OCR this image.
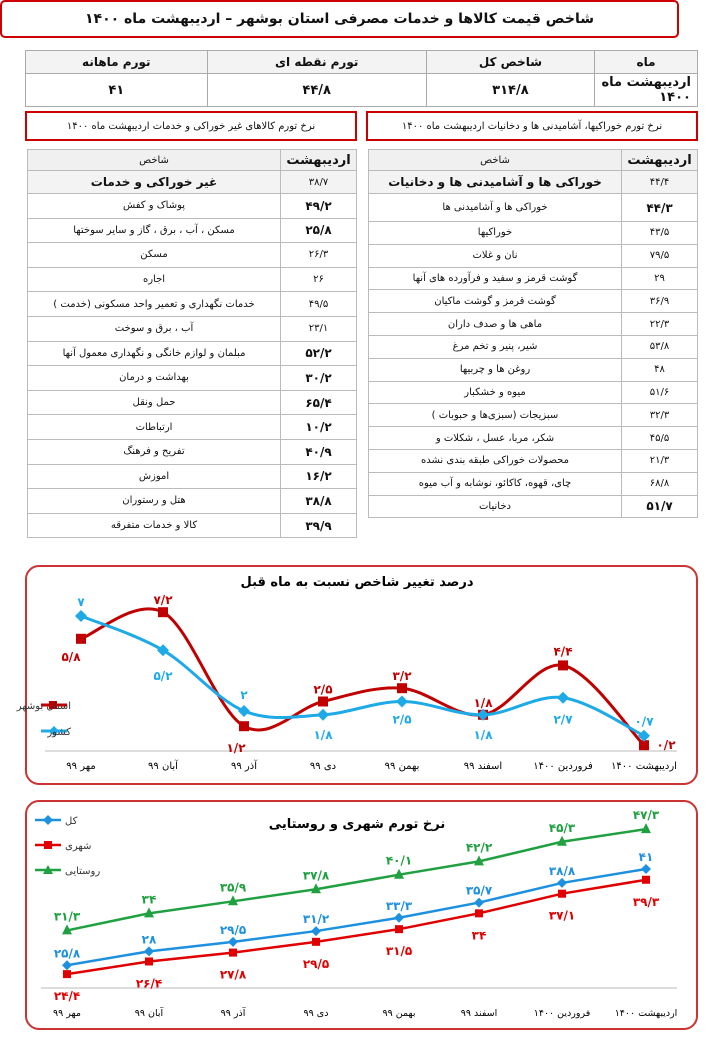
شاخص قیمت کالاها و خدمات مصرفی استان بوشهر – اردیبهشت ماه ۱۴۰۰
ماه	شاخص کل	تورم نقطه ای	تورم ماهانه
اردیبهشت ماه ۱۴۰۰	۳۱۴/۸	۴۴/۸	۴۱
نرخ تورم خوراکیها، آشامیدنی ها و دخانیات اردیبهشت ماه ۱۴۰۰
نرخ تورم کالاهای غیر خوراکی و خدمات اردیبهشت ماه ۱۴۰۰
اردیبهشت	شاخص
۴۴/۴	خوراکی ها و آشامیدنی ها و دخانیات
۴۴/۳	خوراکی ها و آشامیدنی ها
۴۳/۵	خوراکیها
۷۹/۵	نان و غلات
۲۹	گوشت قرمز و سفید و فرآورده های آنها
۳۶/۹	گوشت قرمز و گوشت ماکیان
۲۲/۳	ماهی ها و صدف داران
۵۳/۸	شیر، پنیر و تخم مرغ
۴۸	روغن ها و چربیها
۵۱/۶	میوه و خشکبار
۳۲/۳	سبزیجات (سبزی‌ها و حبوبات )
۴۵/۵	شکر، مربا، عسل ، شکلات و
۲۱/۳	محصولات خوراکی طبقه بندی نشده
۶۸/۸	چای، قهوه، کاکائو، نوشابه و آب میوه
۵۱/۷	دخانیات
اردیبهشت	شاخص
۳۸/۷	غیر خوراکی و خدمات
۴۹/۲	پوشاک و کفش
۲۵/۸	مسکن ، آب ، برق ، گاز و سایر سوختها
۲۶/۳	مسکن
۲۶	اجاره
۴۹/۵	خدمات نگهداری و تعمیر واحد مسکونی (خدمت )
۲۳/۱	آب ، برق و سوخت
۵۲/۲	مبلمان و لوازم خانگی و نگهداری معمول آنها
۳۰/۲	بهداشت و درمان
۶۵/۴	حمل ونقل
۱۰/۲	ارتباطات
۴۰/۹	تفریح و فرهنگ
۱۶/۲	اموزش
۳۸/۸	هتل و رستوران
۳۹/۹	کالا و خدمات متفرقه
درصد تغییر شاخص نسبت به ماه قبل
مهر ۹۹	آبان ۹۹	آذر ۹۹	دی ۹۹	بهمن ۹۹	اسفند ۹۹	فروردین ۱۴۰۰ اردیبهشت ۱۴۰۰
۵/۸
۷/۲
۱/۲
۲/۵
۳/۲
۱/۸
۴/۴
۰/۲
۷
۵/۲
۲
۱/۸
۲/۵
۱/۸
۲/۷	۰/۷
استان بوشهر
کشور
نرخ تورم شهری و روستایی
مهر ۹۹	آبان ۹۹	آذر ۹۹	دی ۹۹	بهمن ۹۹	اسفند ۹۹	فروردین ۱۴۰۰	اردیبهشت ۱۴۰۰
۲۵/۸
۲۸
۲۹/۵
۳۱/۲
۳۳/۳
۳۵/۷
۳۸/۸
۴۱
۲۴/۴
۲۶/۴
۲۷/۸
۲۹/۵
۳۱/۵
۳۴
۳۷/۱
۳۹/۳
۳۱/۳
۳۴
۳۵/۹
۳۷/۸
۴۰/۱
۴۲/۲
۴۵/۳
۴۷/۳
کل
شهری
روستایی
